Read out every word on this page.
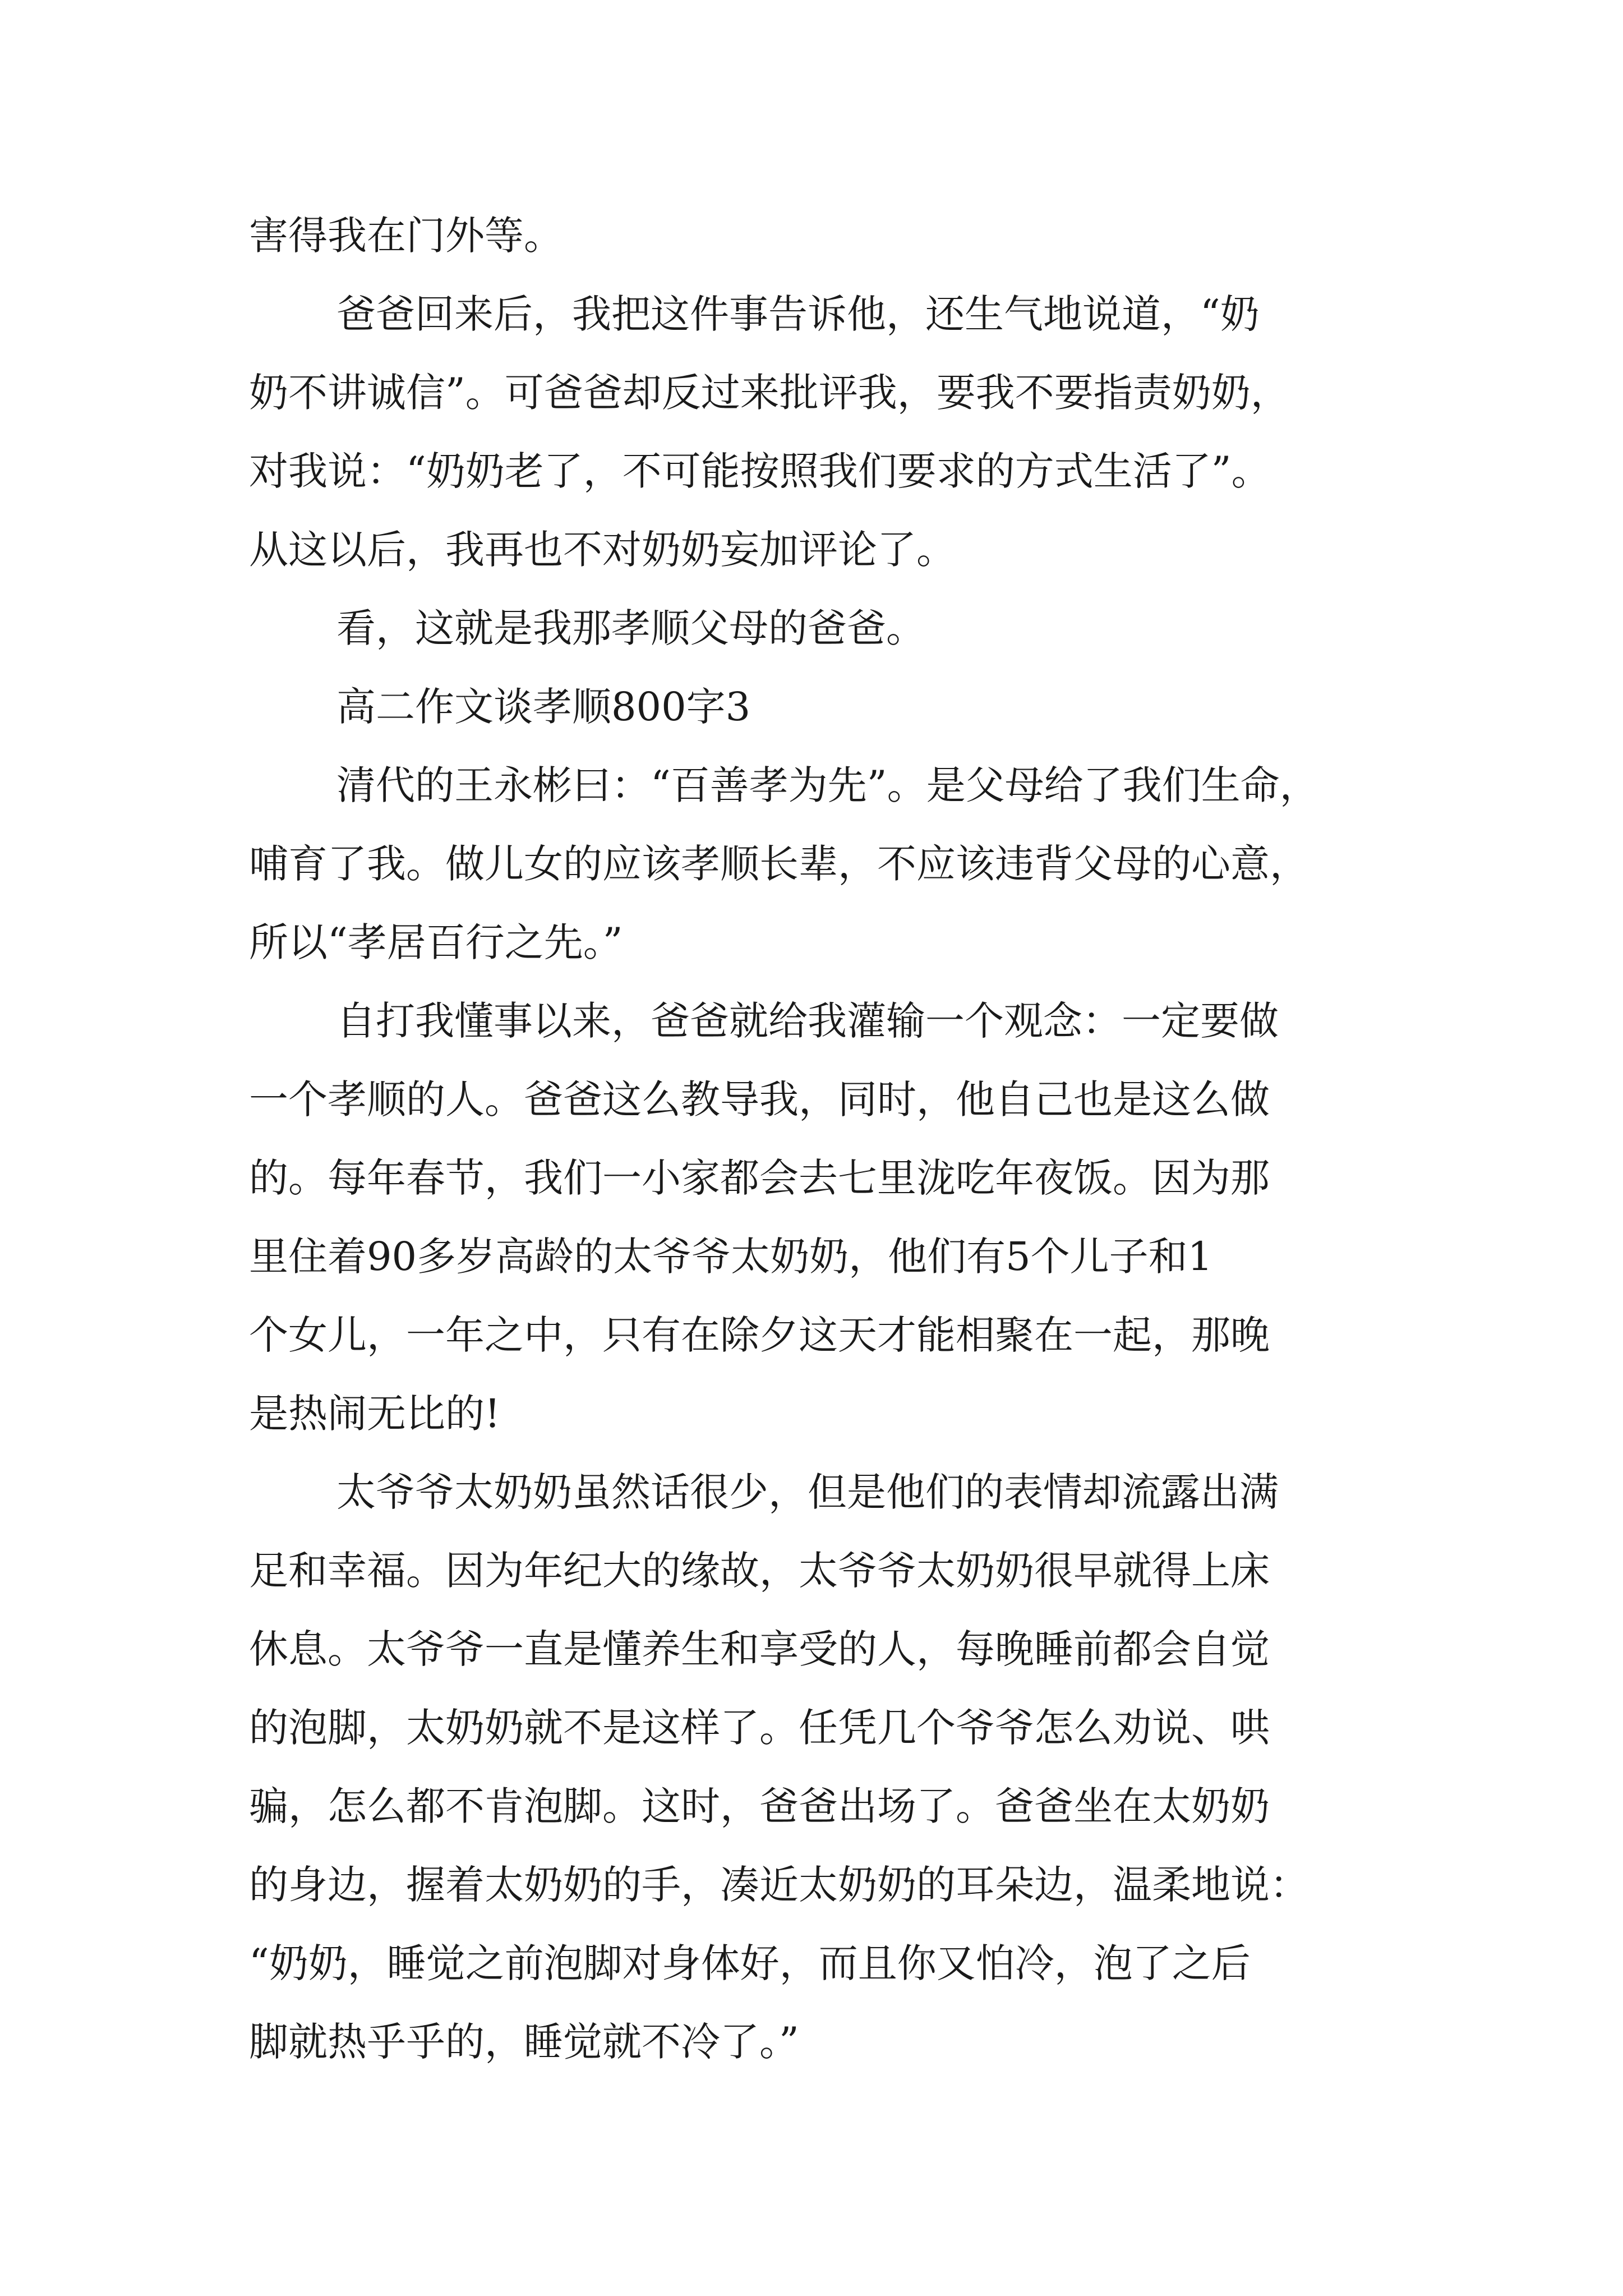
害得我在门外等。

爸爸回来后，我把这件事告诉他，还生气地说道，“奶

奶不讲诚信”。可爸爸却反过来批评我，要我不要指责奶奶，

对我说：“奶奶老了，不可能按照我们要求的方式生活了”。

从这以后，我再也不对奶奶妄加评论了。

看，这就是我那孝顺父母的爸爸。

高二作文谈孝顺800字3

清代的王永彬曰：“百善孝为先”。是父母给了我们生命，

哺育了我。做儿女的应该孝顺长辈，不应该违背父母的心意，

所以“孝居百行之先。”

自打我懂事以来，爸爸就给我灌输一个观念：一定要做

一个孝顺的人。爸爸这么教导我，同时，他自己也是这么做

的。每年春节，我们一小家都会去七里泷吃年夜饭。因为那

里住着90多岁高龄的太爷爷太奶奶，他们有5个儿子和1

个女儿，一年之中，只有在除夕这天才能相聚在一起，那晚

是热闹无比的!

太爷爷太奶奶虽然话很少，但是他们的表情却流露出满

足和幸福。因为年纪大的缘故，太爷爷太奶奶很早就得上床

休息。太爷爷一直是懂养生和享受的人，每晚睡前都会自觉

的泡脚，太奶奶就不是这样了。任凭几个爷爷怎么劝说、哄

骗，怎么都不肯泡脚。这时，爸爸出场了。爸爸坐在太奶奶

的身边，握着太奶奶的手，凑近太奶奶的耳朵边，温柔地说：

“奶奶，睡觉之前泡脚对身体好，而且你又怕冷，泡了之后

脚就热乎乎的，睡觉就不冷了。”
